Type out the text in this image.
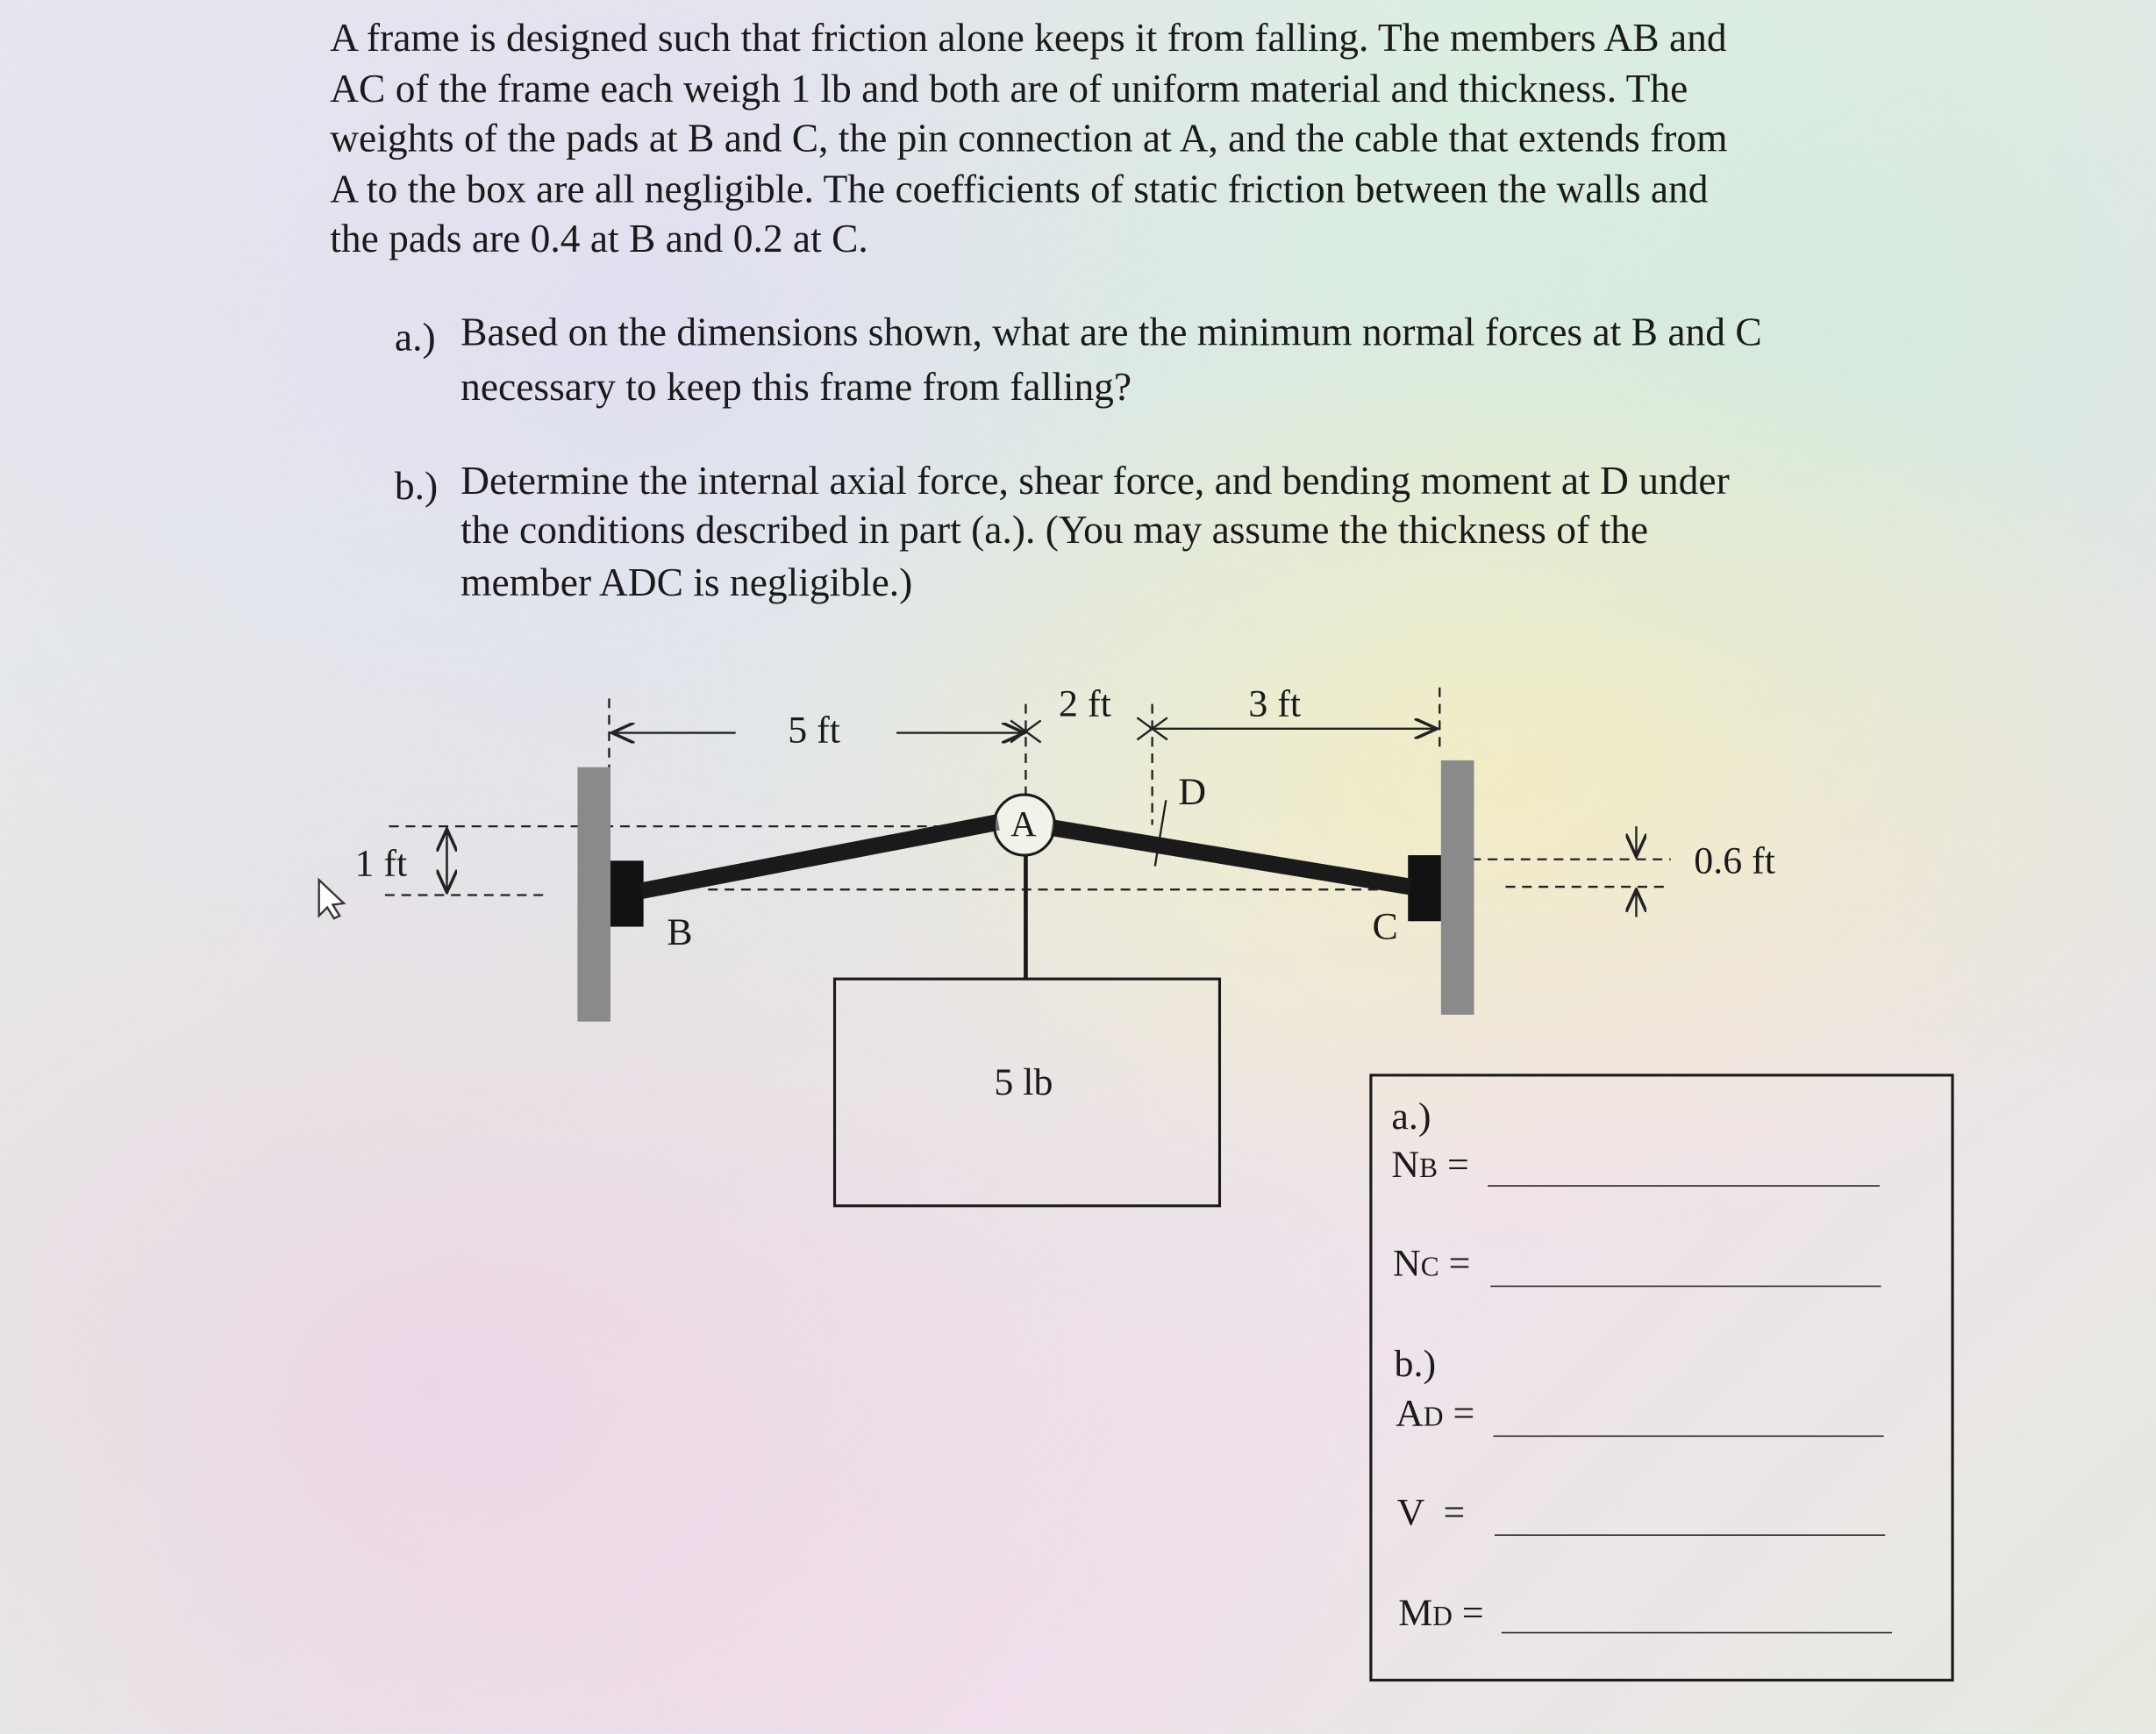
A frame is designed such that friction alone keeps it from falling. The members AB and
AC of the frame each weigh 1 lb and both are of uniform material and thickness. The
weights of the pads at B and C, the pin connection at A, and the cable that extends from
A to the box are all negligible. The coefficients of static friction between the walls and
the pads are 0.4 at B and 0.2 at C.
a.) Based on the dimensions shown, what are the minimum normal forces at B and C
necessary to keep this frame from falling?
b.) Determine the internal axial force, shear force, and bending moment at D under
the conditions described in part (a.). (You may assume the thickness of the
member ADC is negligible.)
5 ft
2 ft	3 ft
1 ft	0.6 ft
A
B	C
D
5 lb
a.)
NB =
NC =
b.)
AD =
V =
MD =
